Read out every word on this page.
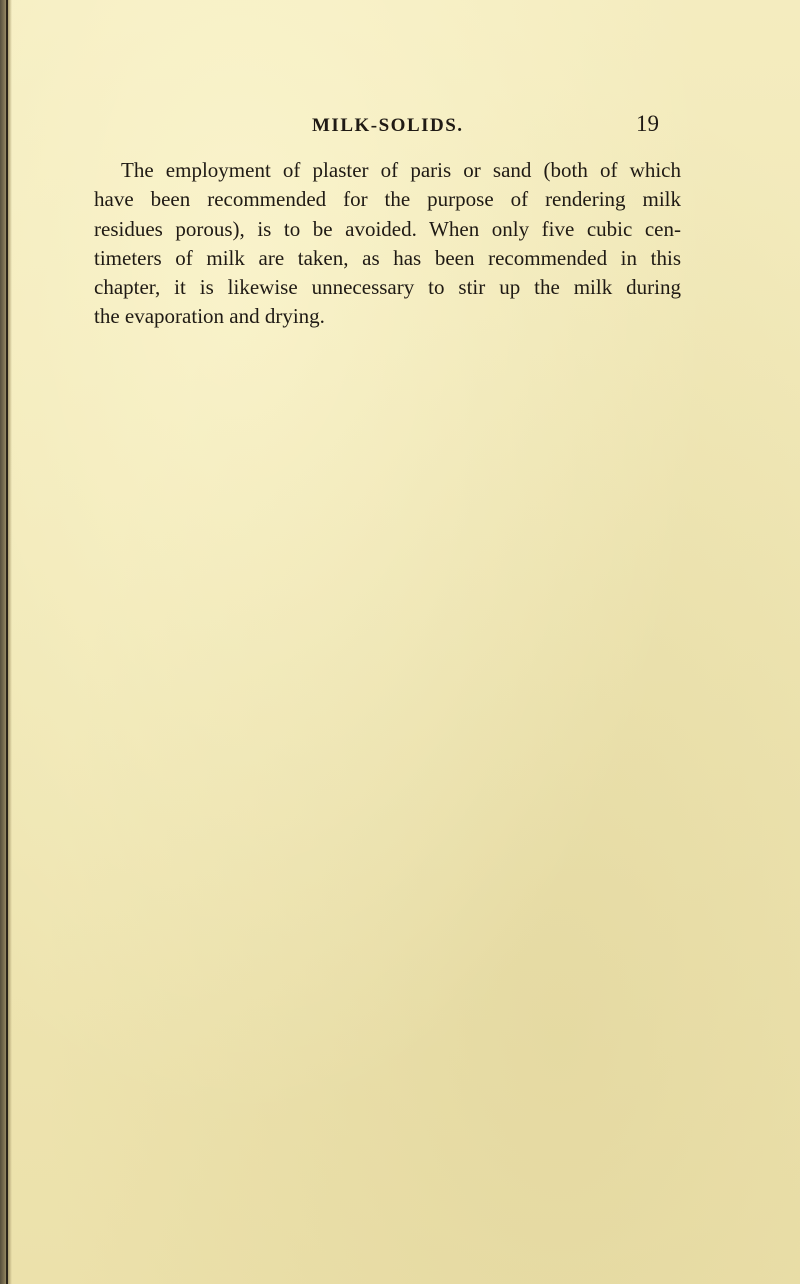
MILK-SOLIDS.	19
The employment of plaster of paris or sand (both of which
have been recommended for the purpose of rendering milk
residues porous), is to be avoided. When only five cubic cen-
timeters of milk are taken, as has been recommended in this
chapter, it is likewise unnecessary to stir up the milk during
the evaporation and drying.
